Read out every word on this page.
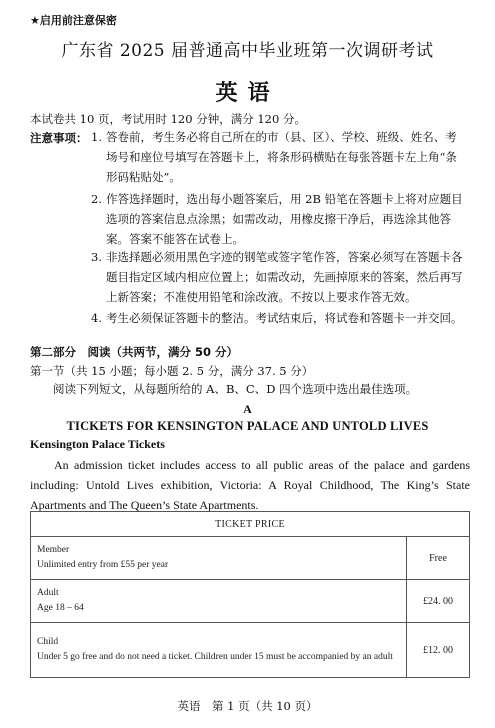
★启用前注意保密
广东省 2025 届普通高中毕业班第一次调研考试
英语
本试卷共 10 页，考试用时 120 分钟，满分 120 分。
注意事项： 1. 答卷前，考生务必将自己所在的市（县、区）、学校、班级、姓名、考
场号和座位号填写在答题卡上，将条形码横贴在每张答题卡左上角“条
形码粘贴处”。
2. 作答选择题时，选出每小题答案后，用 2B 铅笔在答题卡上将对应题目
选项的答案信息点涂黑；如需改动，用橡皮擦干净后，再选涂其他答
案。答案不能答在试卷上。
3. 非选择题必须用黑色字迹的钢笔或签字笔作答，答案必须写在答题卡各
题目指定区域内相应位置上；如需改动，先画掉原来的答案，然后再写
上新答案；不准使用铅笔和涂改液。不按以上要求作答无效。
4. 考生必须保证答题卡的整洁。考试结束后，将试卷和答题卡一并交回。
第二部分　阅读（共两节，满分 50 分）
第一节（共 15 小题；每小题 2. 5 分，满分 37. 5 分）
阅读下列短文，从每题所给的 A、B、C、D 四个选项中选出最佳选项。
A
TICKETS FOR KENSINGTON PALACE AND UNTOLD LIVES
Kensington Palace Tickets
An admission ticket includes access to all public areas of the palace and gardens including: Untold Lives exhibition, Victoria: A Royal Childhood, The King’s State Apartments and The Queen’s State Apartments.
TICKET PRICE	

Member
Unlimited entry from £55 per year	Free

Adult
Age 18 – 64	£24. 00

Child
Under 5 go free and do not need a ticket. Children under 15 must be accompanied by an adult	£12. 00
英语　第 1 页（共 10 页）
